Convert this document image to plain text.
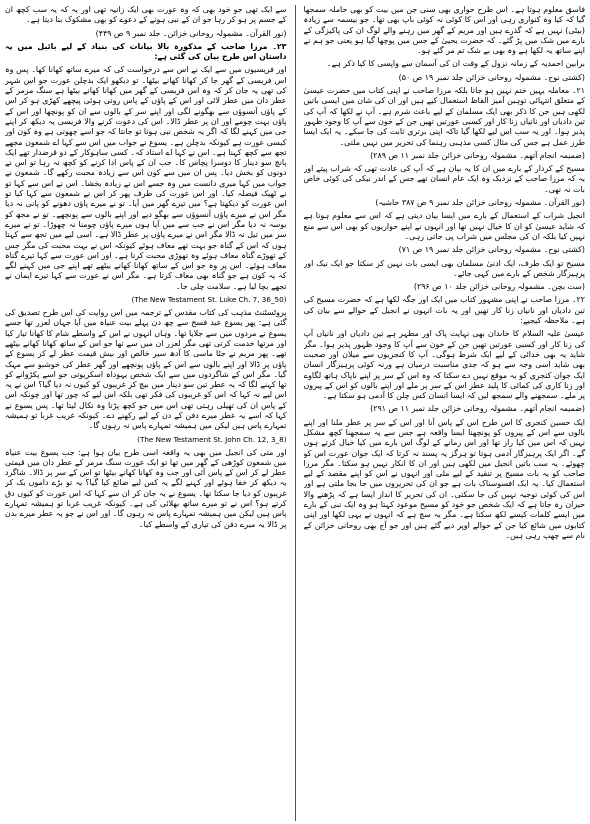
فاسق معلوم ہوتا ہے۔ اس طرح حواری بھی سنی جن میں بیت کو بھی حاملہ سمجھا گیا کہ کیا وہ کنواری رہی اور اس کا کوئی نہ کوئی باپ بھی تھا۔ جو بیسمہ سے زیادہ (بیٹی) نہیں ہے کہ گذرے ہیں اور مریم کے گھر میں رہنے والے لوگ ان کی پاکیزگی کے بارے میں شک میں پڑ گئے۔ کہ حضرت یحییٰ کے جس میں پوچھا گیا ہو یعنی جو ہم نے اپنے ساتھ یہ لکھا ہے وہ بھی بے شک تم مر گئے ہو۔

برابین احمدیہ کے زمانہ نزول کے وقت ان کی آسمان سے واپسی کا کیا ذکر ہے۔

(کشتی نوح۔ مشمولہ روحانی خزائن جلد نمبر ۱۹ ص ۵۰)

۲۱۔ معاملہ یہیں ختم نہیں ہو جاتا بلکہ مرزا صاحب نے اپنی کتاب میں حضرت عیسیٰ کے متعلق انتہائی توہین آمیز الفاظ استعمال کیے ہیں اور ان کی شان میں ایسی باتیں لکھی ہیں جن کا ذکر بھی ایک مسلمان کے لیے باعث شرم ہے۔ آپ نے لکھا کہ آپ کی تین دادیاں اور نانیاں زنا کار اور کسبی عورتیں تھیں جن کے خون سے آپ کا وجود ظہور پذیر ہوا۔ اور یہ سب اس لیے لکھا گیا تاکہ اپنی برتری ثابت کی جا سکے۔ یہ ایک ایسا طرز عمل ہے جس کی مثال کسی مذہبی رہنما کی تحریر میں نہیں ملتی۔

(ضمیمہ انجام آتھم۔ مشمولہ روحانی خزائن جلد نمبر ۱۱ ص ۲۸۹)

مسیح کے کردار کے بارے میں ان کا یہ بیان ہے کہ آپ کی عادت تھی کہ شراب پیتے اور یہ کہ مرزا صاحب کے نزدیک وہ ایک عام انسان تھے جس کے اندر نیکی کی کوئی خاص بات نہ تھی۔

(نور القرآن۔ مشمولہ روحانی خزائن جلد نمبر ۹ ص ۳۸۷ حاشیہ)

انجیل شراب کے استعمال کے بارے میں ایسا بیان دیتی ہے کہ اس سے معلوم ہوتا ہے کہ شاید عیسیٰ کو ان کا خیال نہیں تھا اور انہوں نے اپنے حواریوں کو بھی اس سے منع نہیں کیا بلکہ ان کی مجلس میں شراب پی جاتی رہی۔

(کشتی نوح۔ مشمولہ روحانی خزائن جلد نمبر ۱۹ ص ۷۱)

مسیح تو ایک طرف، ایک ادنیٰ مسلمان بھی ایسی بات نہیں کر سکتا جو ایک نیک اور پرہیزگار شخص کے بارے میں کہی جائے۔

(ست بچن۔ مشمولہ روحانی خزائن جلد ۱۰ ص ۲۹۶)

۲۲۔ مرزا صاحب نے اپنی مشہور کتاب میں ایک اور جگہ لکھا ہے کہ حضرت مسیح کی تین دادیاں اور نانیاں زنا کار تھیں اور یہ بات انہوں نے انجیل کے حوالے سے بیان کی ہے۔ ملاحظہ کیجیے:

عیسیٰ علیہ السلام کا خاندان بھی نہایت پاک اور مطہر ہے تین دادیاں اور نانیاں آپ کی زنا کار اور کسبی عورتیں تھیں جن کے خون سے آپ کا وجود ظہور پذیر ہوا۔ مگر شاید یہ بھی خدائی کے لیے ایک شرط ہوگی۔ آپ کا کنجریوں سے میلان اور صحبت بھی شاید اسی وجہ سے ہو کہ جدی مناسبت درمیان ہے ورنہ کوئی پرہیزگار انسان ایک جوان کنجری کو یہ موقع نہیں دے سکتا کہ وہ اس کے سر پر اپنے ناپاک ہاتھ لگاوے اور زنا کاری کی کمائی کا پلید عطر اس کے سر پر ملے اور اپنے بالوں کو اس کے پیروں پر ملے۔ سمجھنے والے سمجھ لیں کہ ایسا انسان کس چلن کا آدمی ہو سکتا ہے۔

(ضمیمہ انجام آتھم۔ مشمولہ روحانی خزائن جلد نمبر ۱۱ ص ۲۹۱)

ایک حسین کنجری کا اس طرح اس کے پاس آنا اور اس کے سر پر عطر ملنا اور اپنے بالوں سے اس کے پیروں کو پونچھنا ایسا واقعہ ہے جس سے یہ سمجھنا کچھ مشکل نہیں کہ اس میں کیا راز تھا اور اس زمانے کے لوگ اس بارے میں کیا خیال کرتے ہوں گے۔ اگر ایک پرہیزگار آدمی ہوتا تو ہرگز یہ پسند نہ کرتا کہ ایک جوان عورت اس کو چھوئے۔ یہ سب باتیں انجیل میں لکھی ہیں اور ان کا انکار نہیں ہو سکتا۔ مگر مرزا صاحب کو یہ بات مسیح پر تنقید کے لیے ملی اور انہوں نے اس کو اپنے مقصد کے لیے استعمال کیا۔ یہ ایک افسوسناک بات ہے جو ان کی تحریروں میں جا بجا ملتی ہے اور اس کی کوئی توجیہ نہیں کی جا سکتی۔ ان کی تحریر کا انداز ایسا ہے کہ پڑھنے والا حیران رہ جاتا ہے کہ ایک شخص جو خود کو مسیح موعود کہتا ہو وہ ایک نبی کے بارے میں ایسے کلمات کیسے لکھ سکتا ہے۔ مگر یہ سچ ہے کہ انہوں نے یہی لکھا اور اپنی کتابوں میں شائع کیا جن کے حوالے اوپر دیے گئے ہیں اور جو آج بھی روحانی خزائن کے نام سے چھپ رہی ہیں۔

سے ایک تھی جو خود بھی کہ وہ عورت بھی ایک زانیہ تھی اور یہ کہ یہ سب کچھ ان کے جسم پر ہو کر رہا جو ان کے نبی ہونے کے دعوے کو بھی مشکوک بنا دیتا ہے۔

(نور القرآن۔ مشمولہ روحانی خزائن۔ جلد نمبر ۹ ص ۴۴۹)

۲۳۔ مرزا صاحب کے مذکورہ بالا بیانات کی بنیاد کے لیے بائبل میں یہ داستان اس طرح بیان کی گئی ہے:

اور فریسیوں میں سے ایک نے اس سے درخواست کی کہ میرے ساتھ کھانا کھا۔ پس وہ اس فریسی کے گھر جا کر کھانا کھانے بیٹھا۔ تو دیکھو ایک بدچلن عورت جو اس شہر کی تھی یہ جان کر کہ وہ اس فریسی کے گھر میں کھانا کھانے بیٹھا ہے سنگ مرمر کے عطر دان میں عطر لائی اور اس کے پاؤں کے پاس روتی ہوئی پیچھے کھڑی ہو کر اس کے پاؤں آنسوؤں سے بھگونے لگی اور اپنے سر کے بالوں سے ان کو پونچھا اور اس کے پاؤں بہت چومے اور ان پر عطر ڈالا۔ اس کی دعوت کرنے والا فریسی یہ دیکھ کر اپنے جی میں کہنے لگا کہ اگر یہ شخص نبی ہوتا تو جانتا کہ جو اسے چھوتی ہے وہ کون اور کیسی عورت ہے کیونکہ بدچلن ہے۔ یسوع نے جواب میں اس سے کہا اے شمعون مجھے تجھ سے کچھ کہنا ہے۔ اس نے کہا اے استاد کہ۔ کسی ساہوکار کے دو قرضدار تھے ایک پانچ سو دینار کا دوسرا پچاس کا۔ جب ان کے پاس ادا کرنے کو کچھ نہ رہا تو اس نے دونوں کو بخش دیا۔ پس ان میں سے کون اس سے زیادہ محبت رکھے گا۔ شمعون نے جواب میں کہا میری دانست میں وہ جسے اس نے زیادہ بخشا۔ اس نے اس سے کہا تو نے ٹھیک فیصلہ کیا۔ اور اس عورت کی طرف پھر کر اس نے شمعون سے کہا کیا تو اس عورت کو دیکھتا ہے؟ میں تیرے گھر میں آیا۔ تو نے میرے پاؤں دھونے کو پانی نہ دیا مگر اس نے میرے پاؤں آنسوؤں سے بھگو دیے اور اپنے بالوں سے پونچھے۔ تو نے مجھ کو بوسہ نہ دیا مگر اس نے جب سے میں آیا ہوں میرے پاؤں چومنا نہ چھوڑا۔ تو نے میرے سر میں تیل نہ ڈالا مگر اس نے میرے پاؤں پر عطر ڈالا ہے۔ اسی لیے میں تجھ سے کہتا ہوں کہ اس کے گناہ جو بہت تھے معاف ہوئے کیونکہ اس نے بہت محبت کی مگر جس کے تھوڑے گناہ معاف ہوئے وہ تھوڑی محبت کرتا ہے۔ اور اس عورت سے کہا تیرے گناہ معاف ہوئے۔ اس پر وہ جو اس کے ساتھ کھانا کھانے بیٹھے تھے اپنے جی میں کہنے لگے کہ یہ کون ہے جو گناہ بھی معاف کرتا ہے۔ مگر اس نے عورت سے کہا تیرے ایمان نے تجھے بچا لیا ہے۔ سلامت چلی جا۔

(The New Testament St. Luke Ch. 7, 36_50)

پروٹسٹنٹ مذہب کی کتاب مقدس کے ترجمہ میں اس روایت کی اس طرح تصدیق کی گئی ہے: پھر یسوع عید فسح سے چھ دن پہلے بیت عنیاہ میں آیا جہاں لعزر تھا جسے یسوع نے مردوں میں سے جلایا تھا۔ وہاں انہوں نے اس کے واسطے شام کا کھانا تیار کیا اور مرتھا خدمت کرتی تھی مگر لعزر ان میں سے تھا جو اس کے ساتھ کھانا کھانے بیٹھے تھے۔ پھر مریم نے جٹا ماسی کا آدھ سیر خالص اور بیش قیمت عطر لے کر یسوع کے پاؤں پر ڈالا اور اپنے بالوں سے اس کے پاؤں پونچھے اور گھر عطر کی خوشبو سے مہک گیا۔ مگر اس کے شاگردوں میں سے ایک شخص یہوداہ اسکریوتی جو اسے پکڑوانے کو تھا کہنے لگا کہ یہ عطر تین سو دینار میں بیچ کر غریبوں کو کیوں نہ دیا گیا؟ اس نے یہ اس لیے نہ کہا کہ اس کو غریبوں کی فکر تھی بلکہ اس لیے کہ چور تھا اور چونکہ اس کے پاس ان کی تھیلی رہتی تھی اس میں جو کچھ پڑتا وہ نکال لیتا تھا۔ پس یسوع نے کہا کہ اسے یہ عطر میرے دفن کے دن کے لیے رکھنے دے۔ کیونکہ غریب غربا تو ہمیشہ تمہارے پاس ہیں لیکن میں ہمیشہ تمہارے پاس نہ رہوں گا۔

(The New Testament St. John Ch. 12, 3_8)

اور متی کی انجیل میں بھی یہ واقعہ اسی طرح بیان ہوا ہے: جب یسوع بیت عنیاہ میں شمعون کوڑھی کے گھر میں تھا تو ایک عورت سنگ مرمر کے عطر دان میں قیمتی عطر لے کر اس کے پاس آئی اور جب وہ کھانا کھانے بیٹھا تو اس کے سر پر ڈالا۔ شاگرد یہ دیکھ کر خفا ہوئے اور کہنے لگے یہ کس لیے ضائع کیا گیا؟ یہ تو بڑے داموں بک کر غریبوں کو دیا جا سکتا تھا۔ یسوع نے یہ جان کر ان سے کہا کہ اس عورت کو کیوں دق کرتے ہو؟ اس نے تو میرے ساتھ بھلائی کی ہے۔ کیونکہ غریب غربا تو ہمیشہ تمہارے پاس ہیں لیکن میں ہمیشہ تمہارے پاس نہ رہوں گا۔ اور اس نے جو یہ عطر میرے بدن پر ڈالا یہ میرے دفن کی تیاری کے واسطے کیا۔
